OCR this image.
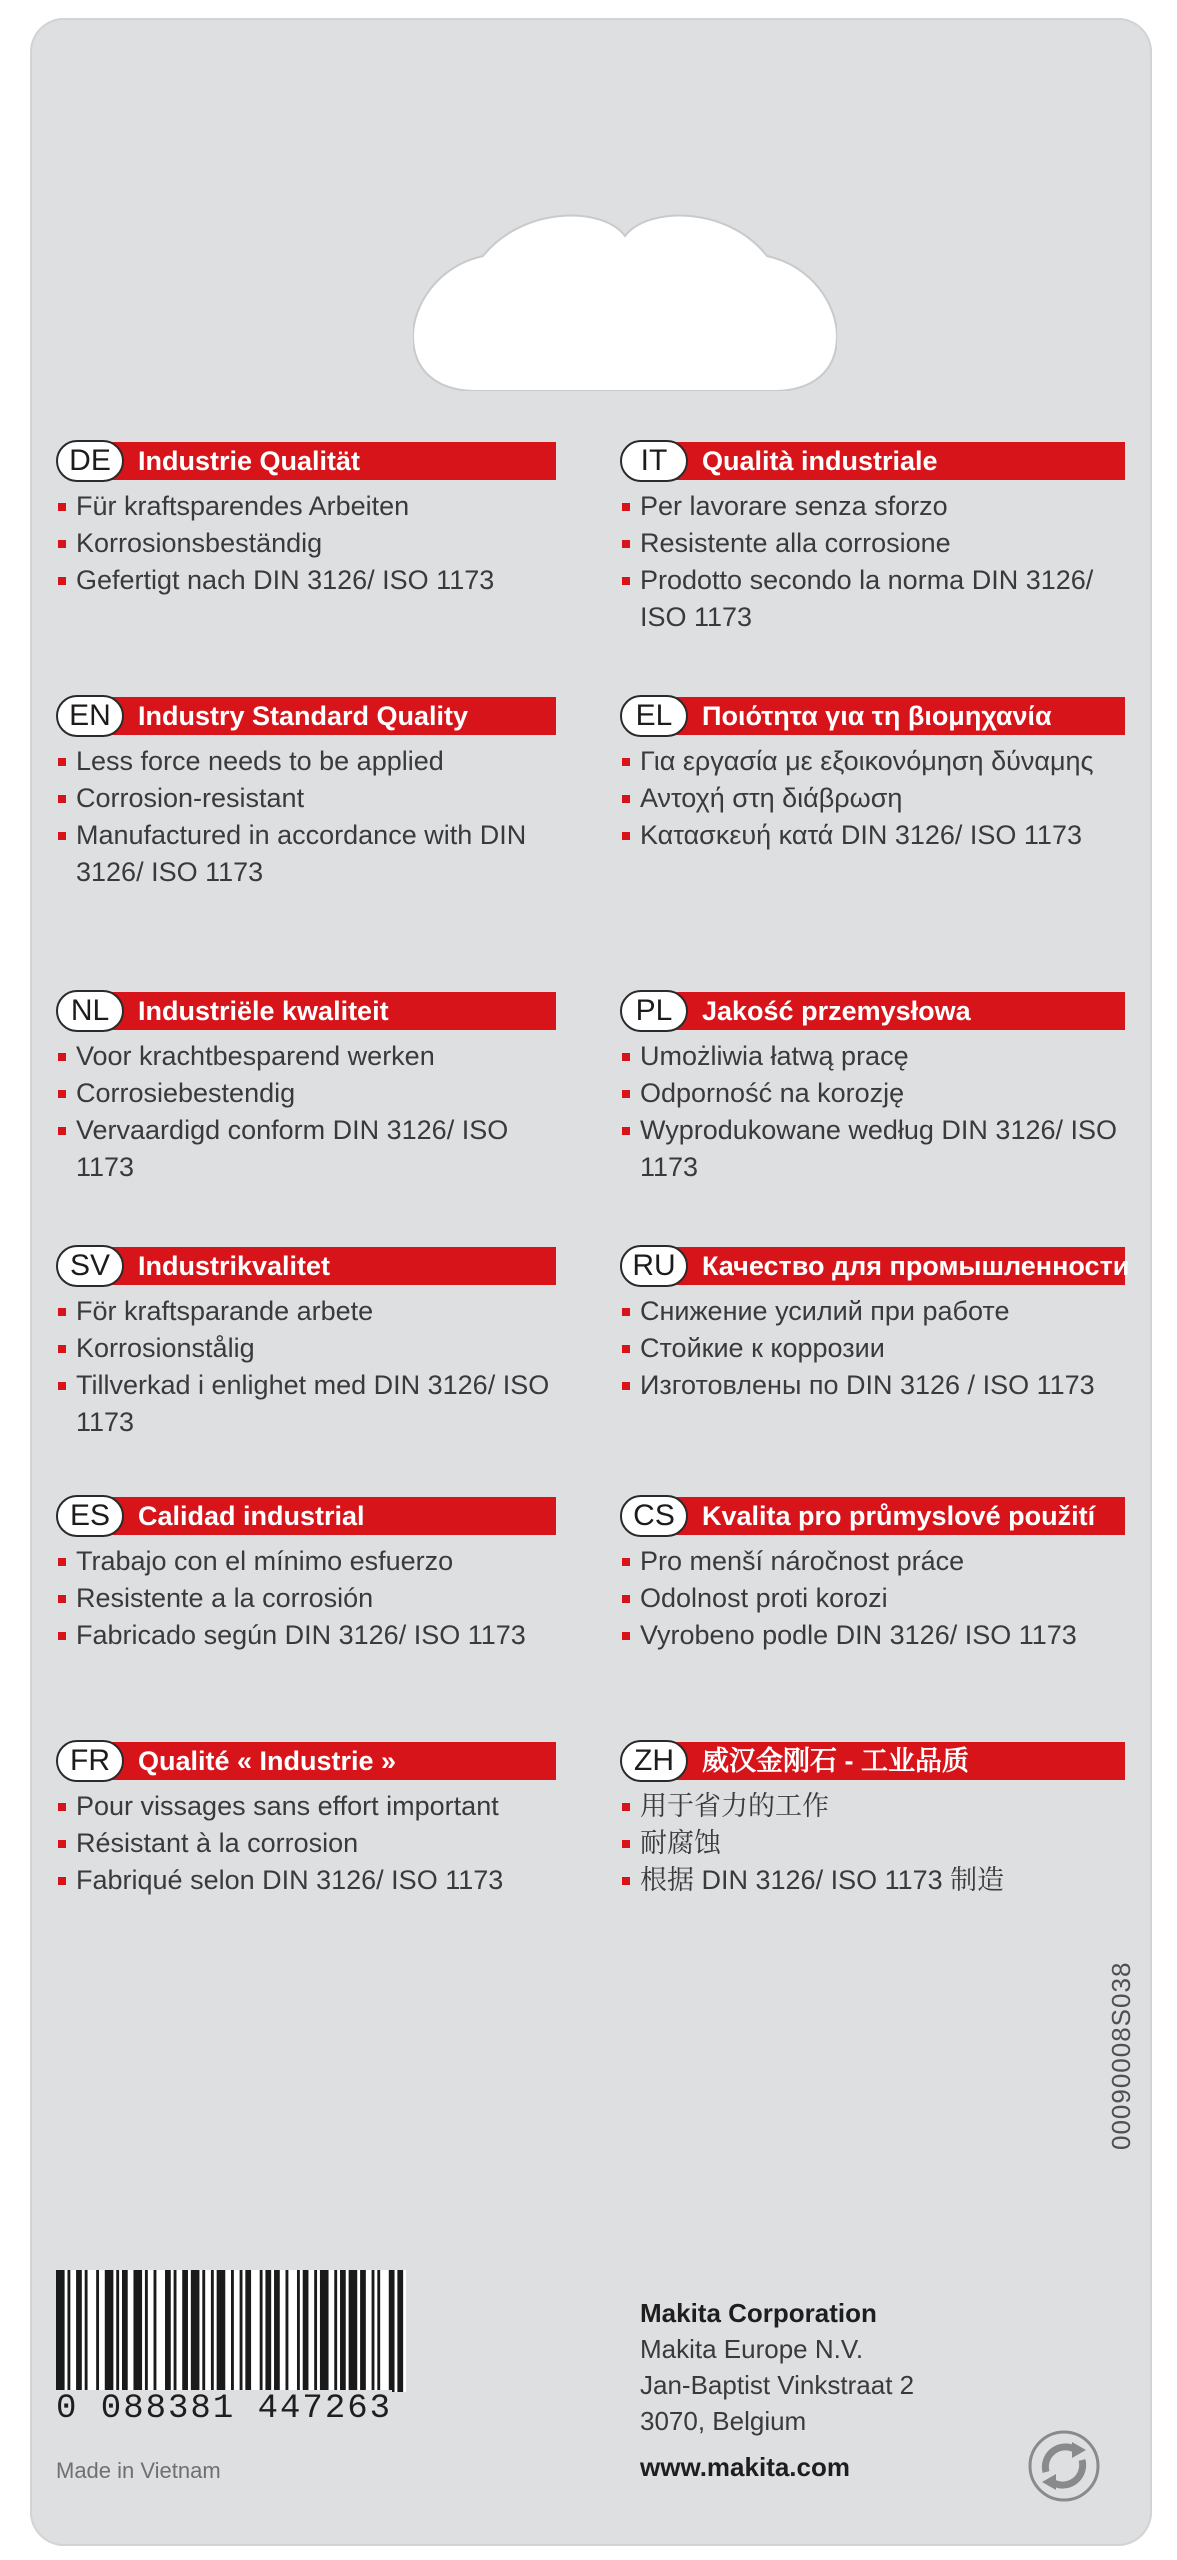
DE	Industrie Qualität
Für kraftsparendes Arbeiten
Korrosionsbeständig
Gefertigt nach DIN 3126/ ISO 1173
IT	Qualità industriale
Per lavorare senza sforzo
Resistente alla corrosione
Prodotto secondo la norma DIN 3126/ ISO 1173
EN	Industry Standard Quality
Less force needs to be applied
Corrosion-resistant
Manufactured in accordance with DIN 3126/ ISO 1173
EL	Ποιότητα για τη βιομηχανία
Για εργασία με εξοικονόμηση δύναμης
Αντοχή στη διάβρωση
Κατασκευή κατά DIN 3126/ ISO 1173
NL	Industriële kwaliteit
Voor krachtbesparend werken
Corrosiebestendig
Vervaardigd conform DIN 3126/ ISO 1173
PL	Jakość przemysłowa
Umożliwia łatwą pracę
Odporność na korozję
Wyprodukowane według DIN 3126/ ISO 1173
SV	Industrikvalitet
För kraftsparande arbete
Korrosionstålig
Tillverkad i enlighet med DIN 3126/ ISO 1173
RU Качество для промышленности
Снижение усилий при работе
Стойкие к коррозии
Изготовлены по DIN 3126 / ISO 1173
ES	Calidad industrial
Trabajo con el mínimo esfuerzo
Resistente a la corrosión
Fabricado según DIN 3126/ ISO 1173
CS	Kvalita pro průmyslové použití
Pro menší náročnost práce
Odolnost proti korozi
Vyrobeno podle DIN 3126/ ISO 1173
FR	Qualité « Industrie »
Pour vissages sans effort important
Résistant à la corrosion
Fabriqué selon DIN 3126/ ISO 1173
ZH	威汉金刚石 - 工业品质
用于省力的工作
耐腐蚀
根据 DIN 3126/ ISO 1173 制造
0 088381 447263
Made in Vietnam
Makita Corporation
Makita Europe N.V.
Jan-Baptist Vinkstraat 2
3070, Belgium
www.makita.com
00090008S038
